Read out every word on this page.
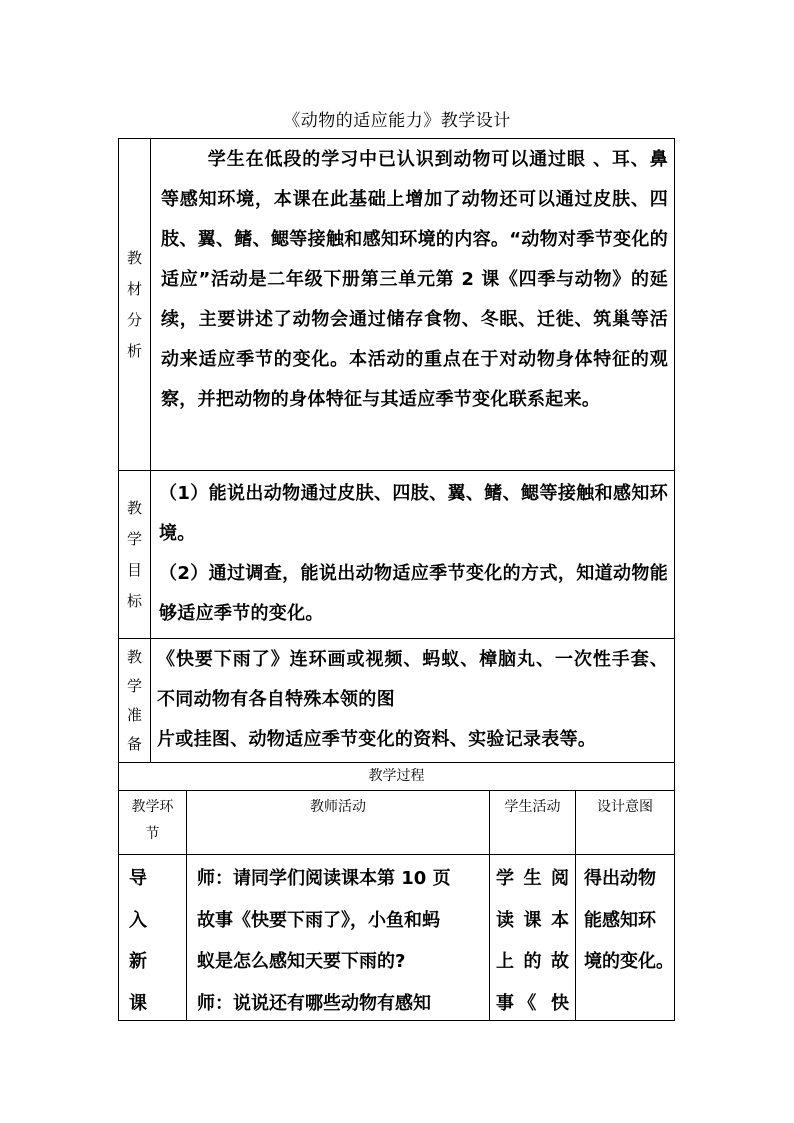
《动物的适应能力》教学设计
教
材
分
析

学生在低段的学习中已认识到动物可以通过眼 、耳、鼻等感知环境，本课在此基础上增加了动物还可以通过皮肤、四肢、翼、鳍、鳃等接触和感知环境的内容。“动物对季节变化的适应”活动是二年级下册第三单元第 2 课《四季与动物》的延续，主要讲述了动物会通过储存食物、冬眠、迁徙、筑巢等活动来适应季节的变化。本活动的重点在于对动物身体特征的观察，并把动物的身体特征与其适应季节变化联系起来。

教
学
目
标

（1）能说出动物通过皮肤、四肢、翼、鳍、鳃等接触和感知环境。

（2）通过调查，能说出动物适应季节变化的方式，知道动物能够适应季节的变化。

教
学
准
备

《快要下雨了》连环画或视频、蚂蚁、樟脑丸、一次性手套、不同动物有各自特殊本领的图

片或挂图、动物适应季节变化的资料、实验记录表等。

教学过程
教学环
节
教师活动	学生活动	设计意图
导
入
新
课
师：请同学们阅读课本第 10 页
故事《快要下雨了》，小鱼和蚂
蚁是怎么感知天要下雨的?
师：说说还有哪些动物有感知
学 生 阅
读 课 本
上 的 故
事《 快
得出动物
能感知环
境的变化。
